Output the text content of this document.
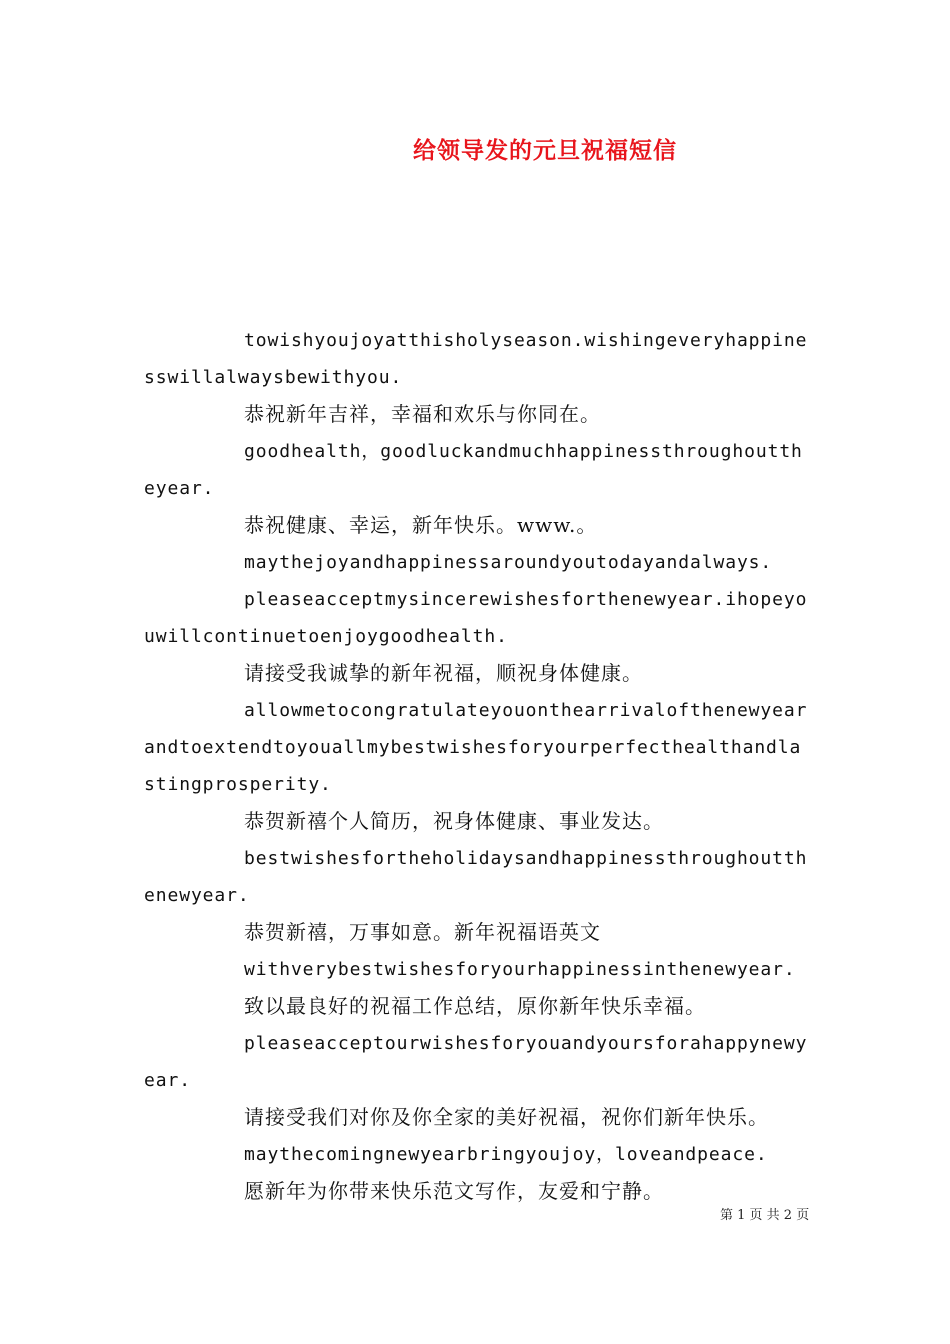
给领导发的元旦祝福短信

towishyoujoyatthisholyseason.wishingeveryhappinesswillalwaysbewithyou.

恭祝新年吉祥，幸福和欢乐与你同在。

goodhealth，goodluckandmuchhappinessthroughouttheyear.

恭祝健康、幸运，新年快乐。www.。

maythejoyandhappinessaroundyoutodayandalways.

pleaseacceptmysincerewishesforthenewyear.ihopeyouwillcontinuetoenjoygoodhealth.

请接受我诚挚的新年祝福，顺祝身体健康。

allowmetocongratulateyouonthearrivalofthenewyearandtoextendtoyouallmybestwishesforyourperfecthealthandlastingprosperity.

恭贺新禧个人简历，祝身体健康、事业发达。

bestwishesfortheholidaysandhappinessthroughoutthenewyear.

恭贺新禧，万事如意。新年祝福语英文

withverybestwishesforyourhappinessinthenewyear.

致以最良好的祝福工作总结，原你新年快乐幸福。

pleaseacceptourwishesforyouandyoursforahappynewyear.

请接受我们对你及你全家的美好祝福，祝你们新年快乐。

maythecomingnewyearbringyoujoy，loveandpeace.

愿新年为你带来快乐范文写作，友爱和宁静。

第 1 页 共 2 页
